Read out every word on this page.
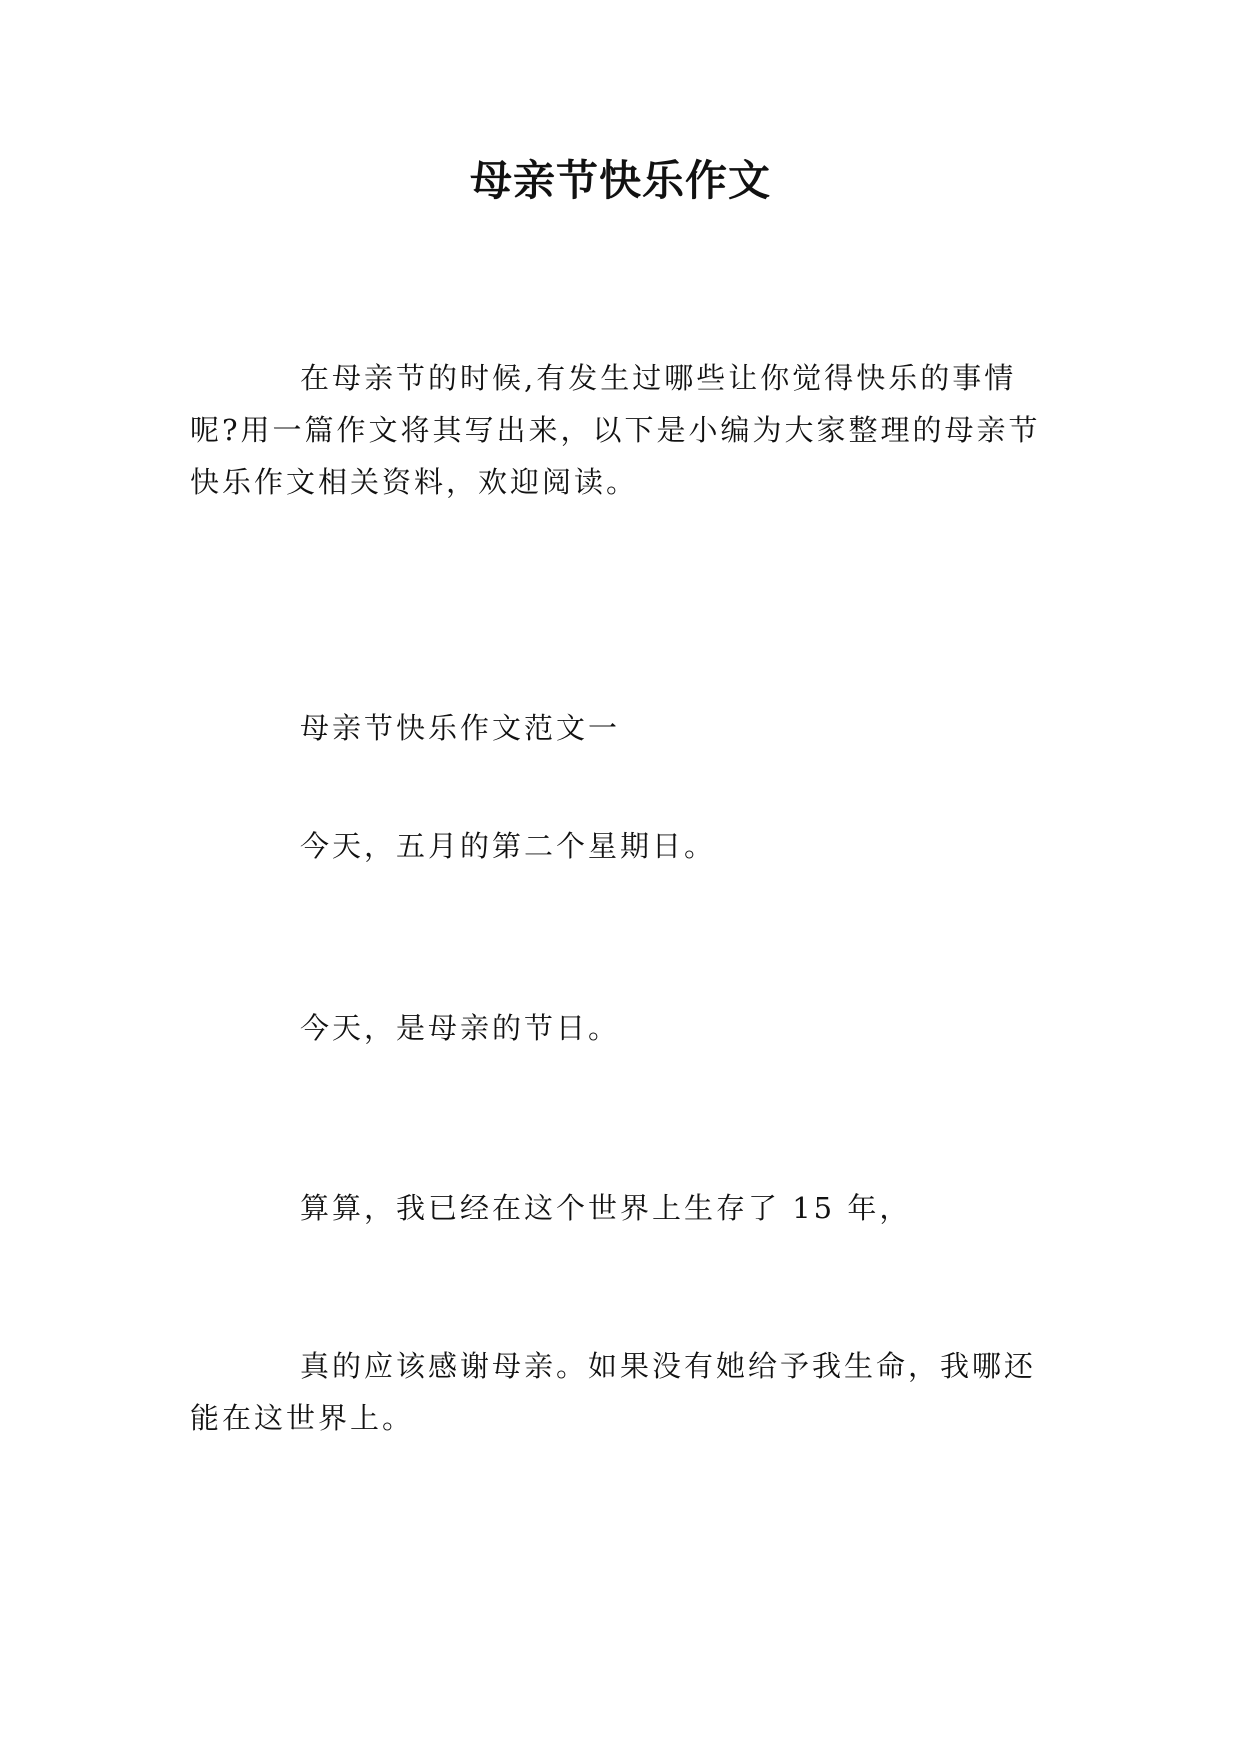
母亲节快乐作文

在母亲节的时候,有发生过哪些让你觉得快乐的事情呢?用一篇作文将其写出来，以下是小编为大家整理的母亲节快乐作文相关资料，欢迎阅读。

母亲节快乐作文范文一

今天，五月的第二个星期日。

今天，是母亲的节日。

算算，我已经在这个世界上生存了 15 年，

真的应该感谢母亲。如果没有她给予我生命，我哪还能在这世界上。
